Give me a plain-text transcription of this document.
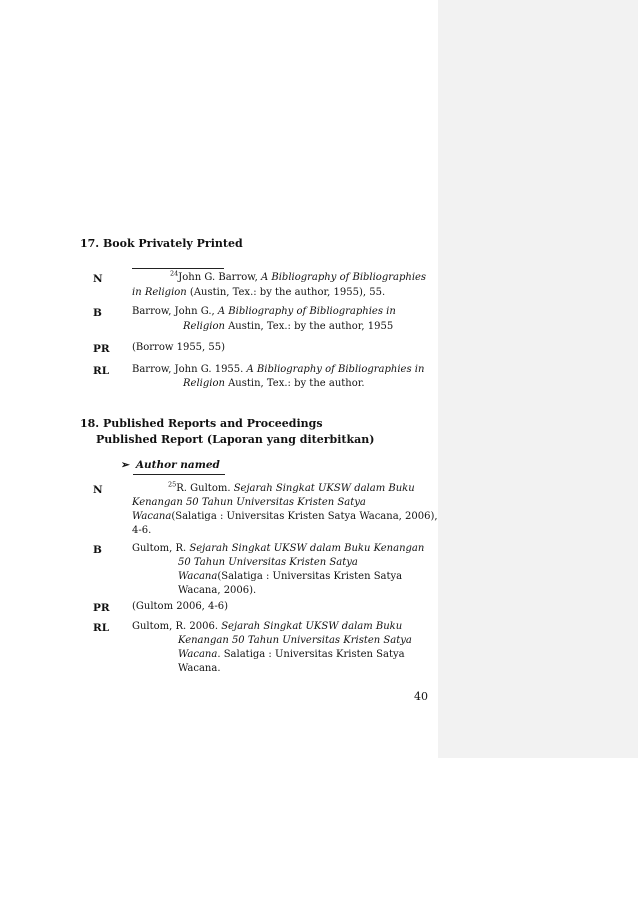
17. Book Privately Printed
N	$^{24}$John G. Barrow, A Bibliography of Bibliographies
in Religion (Austin, Tex.: by the author, 1955), 55.
B	Barrow, John G., A Bibliography of Bibliographies in
Religion Austin, Tex.: by the author, 1955
PR (Borrow 1955, 55)
RL Barrow, John G. 1955. A Bibliography of Bibliographies in
Religion Austin, Tex.: by the author.
18. Published Reports and Proceedings
Published Report (Laporan yang diterbitkan)
➢ Author named
N	$^{25}$R. Gultom. Sejarah Singkat UKSW dalam Buku
Kenangan 50 Tahun Universitas Kristen Satya
Wacana(Salatiga : Universitas Kristen Satya Wacana, 2006),
4-6.
B	Gultom, R. Sejarah Singkat UKSW dalam Buku Kenangan
50 Tahun Universitas Kristen Satya
Wacana(Salatiga : Universitas Kristen Satya
Wacana, 2006).
PR (Gultom 2006, 4-6)
RL Gultom, R. 2006. Sejarah Singkat UKSW dalam Buku
Kenangan 50 Tahun Universitas Kristen Satya
Wacana. Salatiga : Universitas Kristen Satya
Wacana.
40
